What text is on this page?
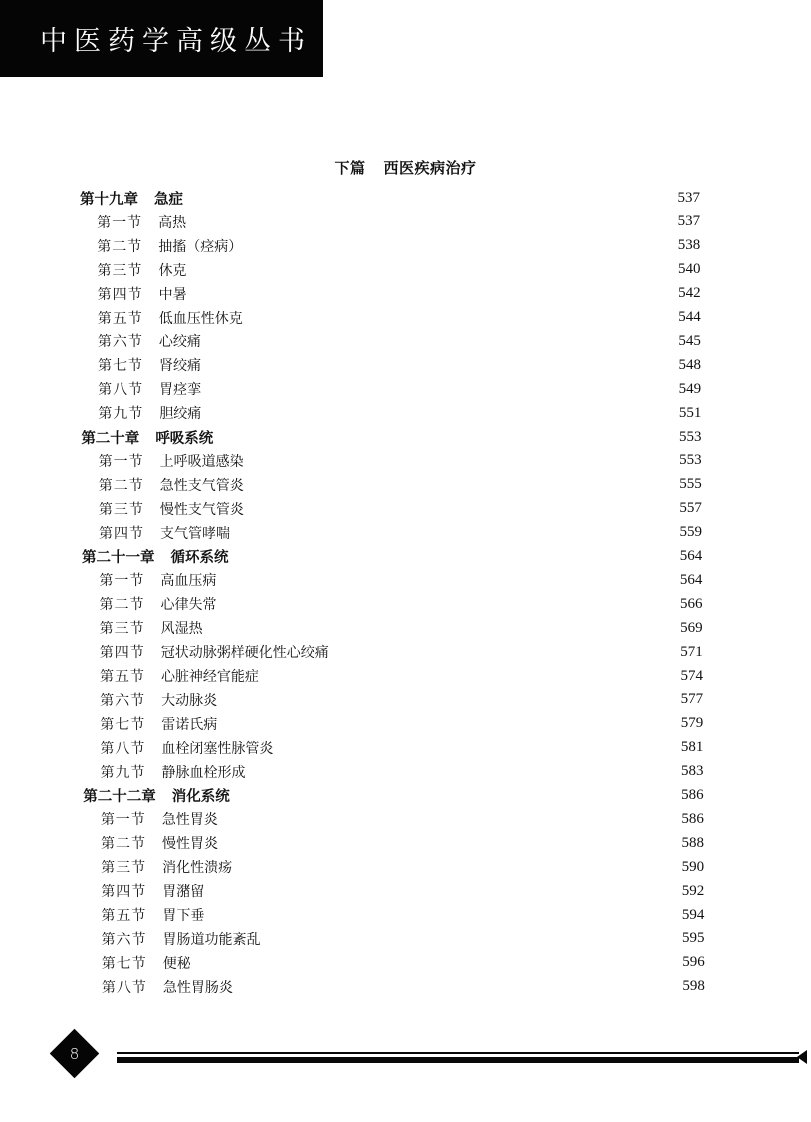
中医药学高级丛书
下篇 西医疾病治疗
第十九章 急症	537
第一节 高热	537
第二节 抽搐（痉病）	538
第三节 休克	540
第四节 中暑	542
第五节 低血压性休克	544
第六节 心绞痛	545
第七节 肾绞痛	548
第八节 胃痉挛	549
第九节 胆绞痛	551
第二十章 呼吸系统	553
第一节 上呼吸道感染	553
第二节 急性支气管炎	555
第三节 慢性支气管炎	557
第四节 支气管哮喘	559
第二十一章 循环系统	564
第一节 高血压病	564
第二节 心律失常	566
第三节 风湿热	569
第四节 冠状动脉粥样硬化性心绞痛	571
第五节 心脏神经官能症	574
第六节 大动脉炎	577
第七节 雷诺氏病	579
第八节 血栓闭塞性脉管炎	581
第九节 静脉血栓形成	583
第二十二章 消化系统	586
第一节 急性胃炎	586
第二节 慢性胃炎	588
第三节 消化性溃疡	590
第四节 胃潴留	592
第五节 胃下垂	594
第六节 胃肠道功能紊乱	595
第七节 便秘	596
第八节 急性胃肠炎	598
8
